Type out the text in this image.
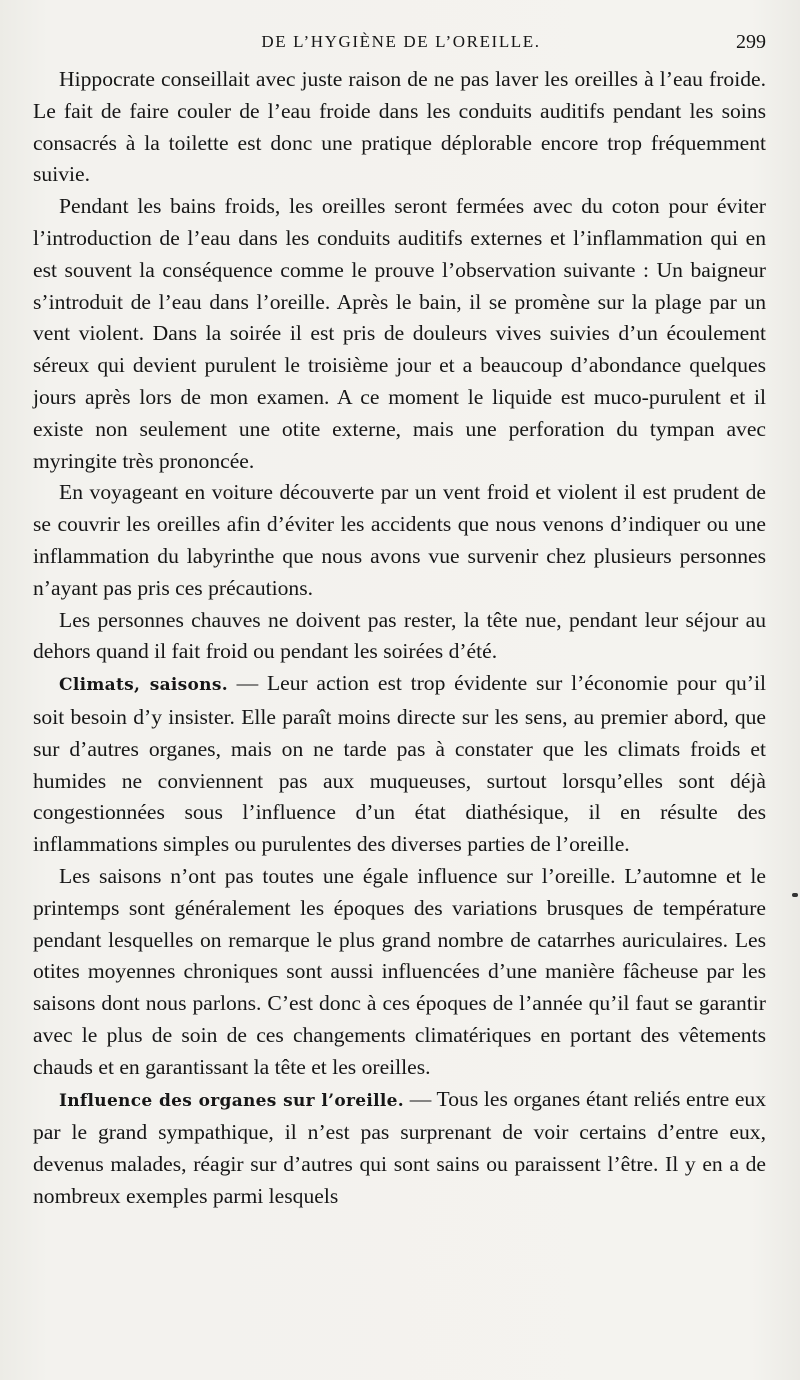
DE L’HYGIÈNE DE L’OREILLE.	299

Hippocrate conseillait avec juste raison de ne pas laver les oreilles à l’eau froide. Le fait de faire couler de l’eau froide dans les conduits auditifs pendant les soins consacrés à la toilette est donc une pratique déplorable encore trop fréquemment suivie.

Pendant les bains froids, les oreilles seront fermées avec du coton pour éviter l’introduction de l’eau dans les conduits auditifs externes et l’inflammation qui en est souvent la conséquence comme le prouve l’observation suivante : Un baigneur s’introduit de l’eau dans l’oreille. Après le bain, il se promène sur la plage par un vent violent. Dans la soirée il est pris de douleurs vives suivies d’un écoulement séreux qui devient purulent le troisième jour et a beaucoup d’abondance quelques jours après lors de mon examen. A ce moment le liquide est muco-purulent et il existe non seulement une otite externe, mais une perforation du tympan avec myringite très prononcée.

En voyageant en voiture découverte par un vent froid et violent il est prudent de se couvrir les oreilles afin d’éviter les accidents que nous venons d’indiquer ou une inflammation du labyrinthe que nous avons vue survenir chez plusieurs personnes n’ayant pas pris ces précautions.

Les personnes chauves ne doivent pas rester, la tête nue, pendant leur séjour au dehors quand il fait froid ou pendant les soirées d’été.

Climats, saisons. — Leur action est trop évidente sur l’économie pour qu’il soit besoin d’y insister. Elle paraît moins directe sur les sens, au premier abord, que sur d’autres organes, mais on ne tarde pas à constater que les climats froids et humides ne conviennent pas aux muqueuses, surtout lorsqu’elles sont déjà congestionnées sous l’influence d’un état diathésique, il en résulte des inflammations simples ou purulentes des diverses parties de l’oreille.

Les saisons n’ont pas toutes une égale influence sur l’oreille. L’automne et le printemps sont généralement les époques des variations brusques de température pendant lesquelles on remarque le plus grand nombre de catarrhes auriculaires. Les otites moyennes chroniques sont aussi influencées d’une manière fâcheuse par les saisons dont nous parlons. C’est donc à ces époques de l’année qu’il faut se garantir avec le plus de soin de ces changements climatériques en portant des vêtements chauds et en garantissant la tête et les oreilles.

Influence des organes sur l’oreille. — Tous les organes étant reliés entre eux par le grand sympathique, il n’est pas surprenant de voir certains d’entre eux, devenus malades, réagir sur d’autres qui sont sains ou paraissent l’être. Il y en a de nombreux exemples parmi lesquels
